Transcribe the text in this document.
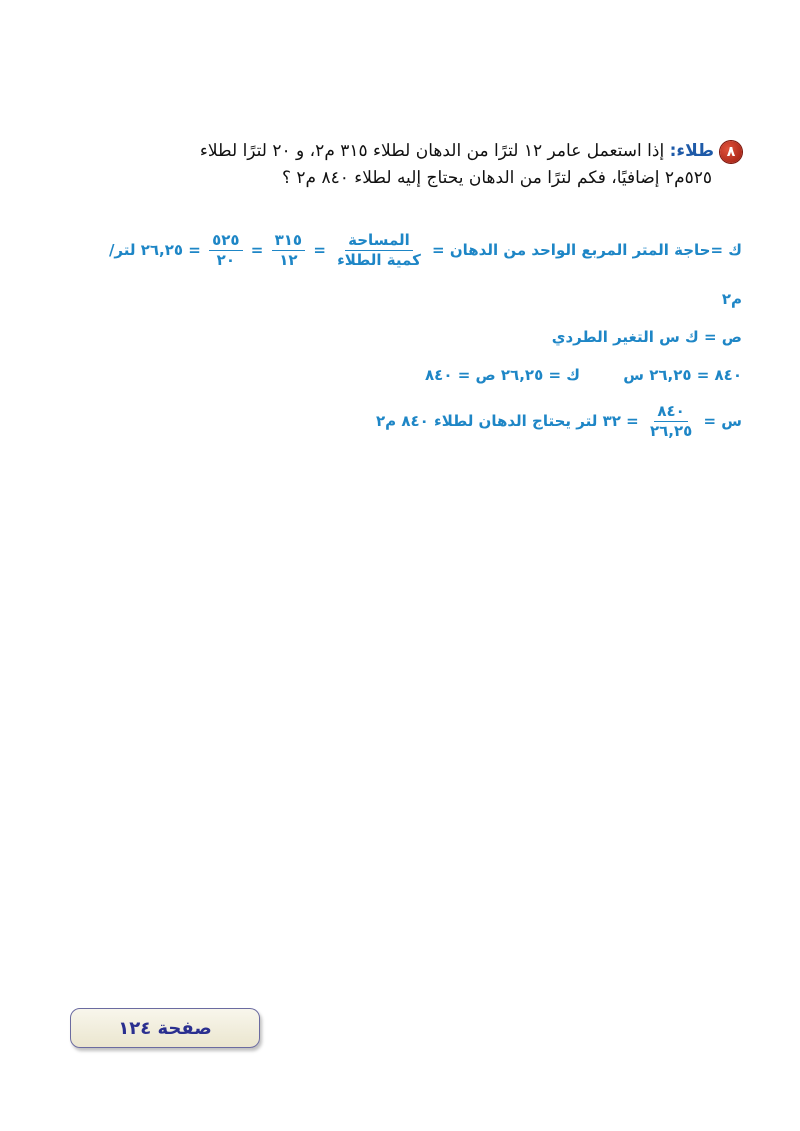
٨طلاء: إذا استعمل عامر ١٢ لترًا من الدهان لطلاء ٣١٥ م٢، و ٢٠ لترًا لطلاء
٥٢٥م٢ إضافيًا، فكم لترًا من الدهان يحتاج إليه لطلاء ٨٤٠ م٢ ؟
ك =حاجة المتر المربع الواحد من الدهان =
$\frac{\text{المساحة}}{\text{كمية الطلاء}}$
=
$\frac{٣١٥}{١٢}$
=
$\frac{٥٢٥}{٢٠}$
= ٢٦,٢٥ لتر/
م٢
ص = ك س التغير الطردي
ك = ٢٦,٢٥ ص = ٨٤٠	٨٤٠ = ٢٦,٢٥ س
س =
$\frac{٨٤٠}{٢٦,٢٥}$
= ٣٢ لتر يحتاج الدهان لطلاء ٨٤٠ م٢
صفحة ١٢٤
